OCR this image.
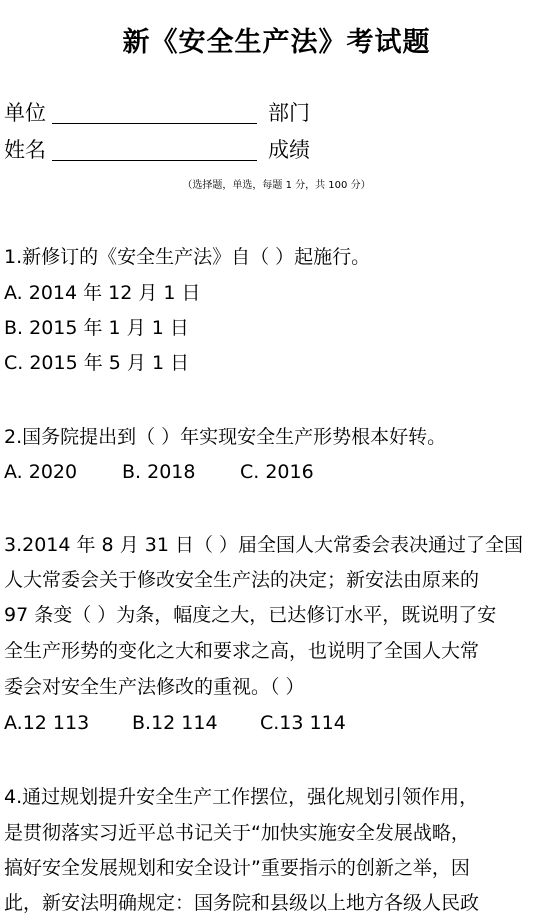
新《安全生产法》考试题
单位	部门
姓名	成绩
（选择题，单选，每题 1 分，共 100 分）
1.新修订的《安全生产法》自（ ）起施行。
A. 2014 年 12 月 1 日
B. 2015 年 1 月 1 日
C. 2015 年 5 月 1 日
2.国务院提出到（ ）年实现安全生产形势根本好转。
A. 2020 B. 2018 C. 2016
3.2014 年 8 月 31 日（ ）届全国人大常委会表决通过了全国
人大常委会关于修改安全生产法的决定；新安法由原来的
97 条变（ ）为条，幅度之大，已达修订水平，既说明了安
全生产形势的变化之大和要求之高，也说明了全国人大常
委会对安全生产法修改的重视。（ ）
A.12 113 B.12 114 C.13 114
4.通过规划提升安全生产工作摆位，强化规划引领作用，
是贯彻落实习近平总书记关于“加快实施安全发展战略，
搞好安全发展规划和安全设计”重要指示的创新之举，因
此，新安法明确规定：国务院和县级以上地方各级人民政
